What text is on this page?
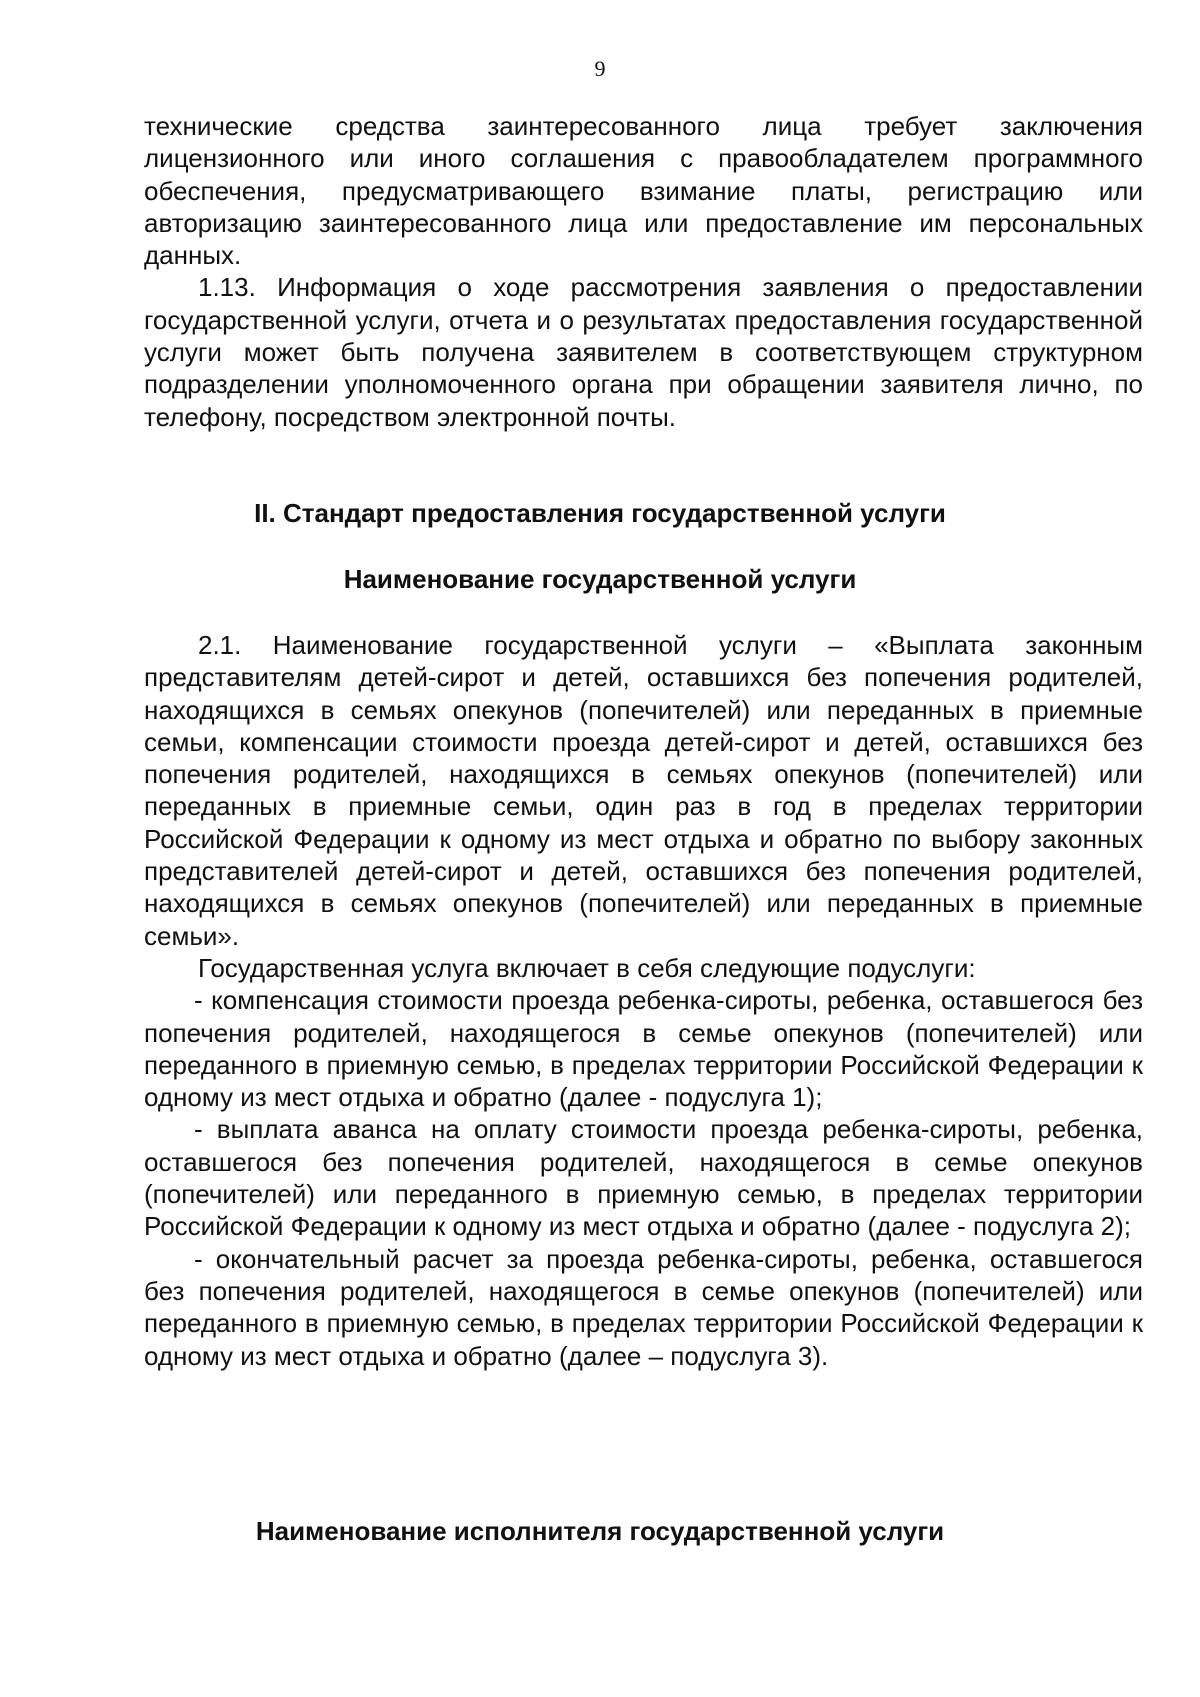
9

технические средства заинтересованного лица требует заключения лицензионного или иного соглашения с правообладателем программного обеспечения, предусматривающего взимание платы, регистрацию или авторизацию заинтересованного лица или предоставление им персональных данных.

1.13. Информация о ходе рассмотрения заявления о предоставлении государственной услуги, отчета и о результатах предоставления государственной услуги может быть получена заявителем в соответствующем структурном подразделении уполномоченного органа при обращении заявителя лично, по телефону, посредством электронной почты.

II. Стандарт предоставления государственной услуги
Наименование государственной услуги

2.1. Наименование государственной услуги – «Выплата законным представителям детей-сирот и детей, оставшихся без попечения родителей, находящихся в семьях опекунов (попечителей) или переданных в приемные семьи, компенсации стоимости проезда детей-сирот и детей, оставшихся без попечения родителей, находящихся в семьях опекунов (попечителей) или переданных в приемные семьи, один раз в год в пределах территории Российской Федерации к одному из мест отдыха и обратно по выбору законных представителей детей-сирот и детей, оставшихся без попечения родителей, находящихся в семьях опекунов (попечителей) или переданных в приемные семьи».

Государственная услуга включает в себя следующие подуслуги:

- компенсация стоимости проезда ребенка-сироты, ребенка, оставшегося без попечения родителей, находящегося в семье опекунов (попечителей) или переданного в приемную семью, в пределах территории Российской Федерации к одному из мест отдыха и обратно (далее - подуслуга 1);

- выплата аванса на оплату стоимости проезда ребенка-сироты, ребенка, оставшегося без попечения родителей, находящегося в семье опекунов (попечителей) или переданного в приемную семью, в пределах территории Российской Федерации к одному из мест отдыха и обратно (далее - подуслуга 2);

- окончательный расчет за проезда ребенка-сироты, ребенка, оставшегося без попечения родителей, находящегося в семье опекунов (попечителей) или переданного в приемную семью, в пределах территории Российской Федерации к одному из мест отдыха и обратно (далее – подуслуга 3).

Наименование исполнителя государственной услуги
